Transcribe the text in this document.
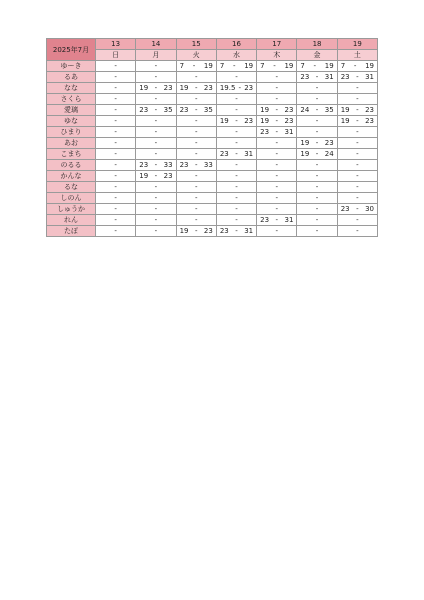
2025年7月	13	14	15	16	17	18	19
	日	月	火	水	木	金	土
ゆーき	-	-	7 - 19	7 - 19	7 - 19	7 - 19	7 - 19

るあ	-	-	-	-	-	23 - 31	23 - 31

なな	-	19 - 23	19 - 23	19.5 - 23	-	-	-
さくら	-	-	-	-	-	-	-
愛璃	-	23 - 35	23 - 35	-	19 - 23	24 - 35	19 - 23

ゆな	-	-	-	19 - 23	19 - 23	-	19 - 23

ひまり	-	-	-	-	23 - 31	-	-
あお	-	-	-	-	-	19 - 23	-
こまち	-	-	-	23 - 31	-	19 - 24	-
のるる	-	23 - 33	23 - 33	-	-	-	-
かんな	-	19 - 23	-	-	-	-	-
るな	-	-	-	-	-	-	-
しのん	-	-	-	-	-	-	-
しゅうか	-	-	-	-	-	-	23 - 30

れん	-	-	-	-	23 - 31	-	-
たぽ	-	-	19 - 23	23 - 31	-	-	-
